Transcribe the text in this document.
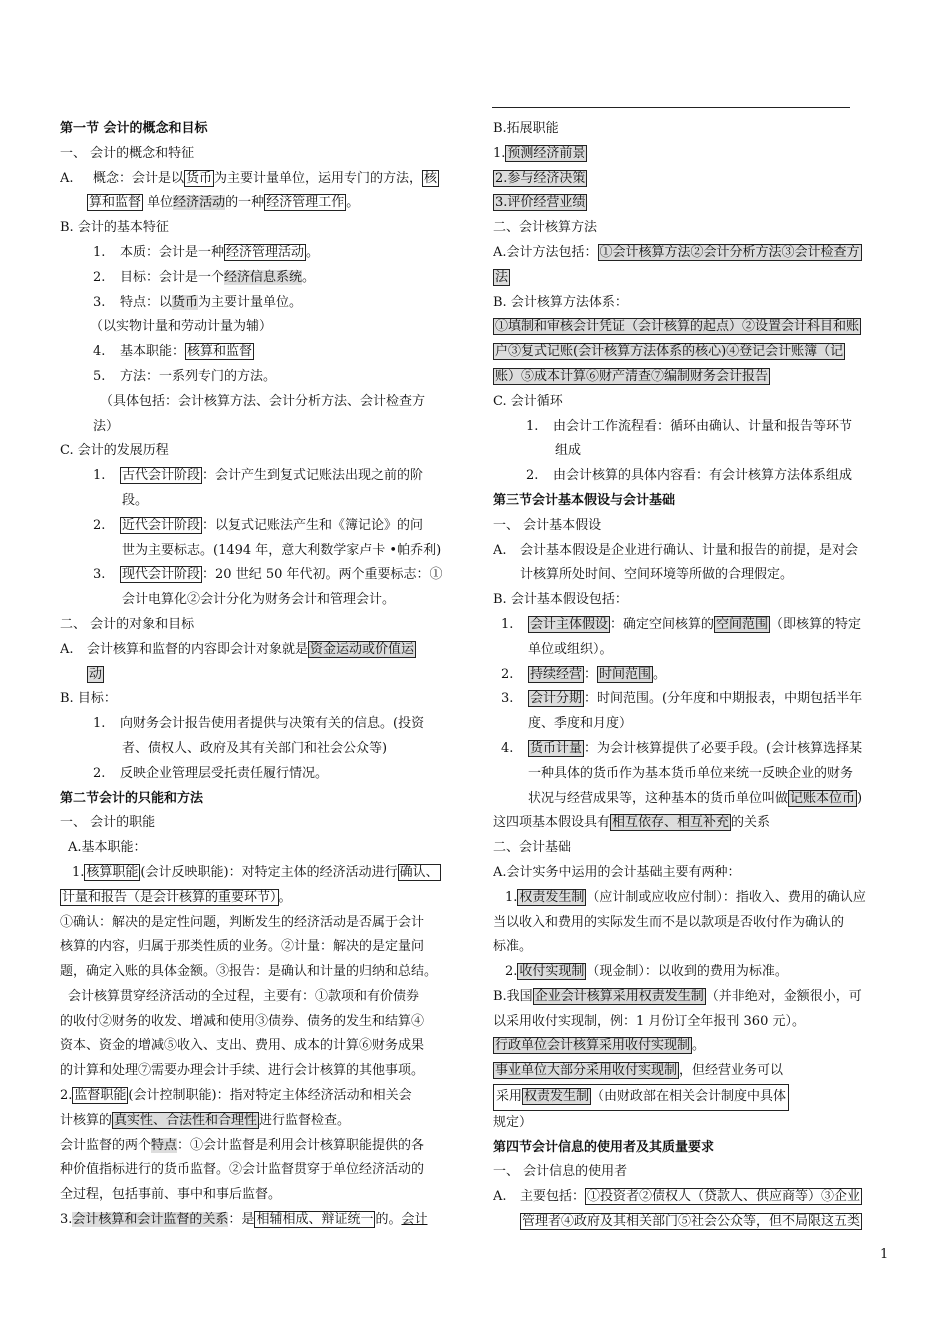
第一节 会计的概念和目标
一、 会计的概念和特征
A. 概念：会计是以 货币 为主要计量单位，运用专门的方法， 核
算和监督 单位经济活动的一种 经济管理工作 。
B. 会计的基本特征
1. 本质：会计是一种 经济管理活动 。
2. 目标：会计是一个经济信息系统。
3. 特点：以货币为主要计量单位。
（以实物计量和劳动计量为辅）
4. 基本职能： 核算和监督
5. 方法：一系列专门的方法。
（具体包括：会计核算方法、会计分析方法、会计检查方
法）
C. 会计的发展历程
1. 古代会计阶段 ：会计产生到复式记账法出现之前的阶
段。
2. 近代会计阶段 ：以复式记账法产生和《簿记论》的问
世为主要标志。(1494 年，意大利数学家卢卡 •帕乔利)
3. 现代会计阶段 ：20 世纪 50 年代初。两个重要标志：①
会计电算化②会计分化为财务会计和管理会计。
二、 会计的对象和目标
A. 会计核算和监督的内容即会计对象就是 资金运动或价值运
动
B. 目标：
1. 向财务会计报告使用者提供与决策有关的信息。(投资
者、债权人、政府及其有关部门和社会公众等)
2. 反映企业管理层受托责任履行情况。
第二节会计的只能和方法
一、 会计的职能
A.基本职能：
1. 核算职能 (会计反映职能)：对特定主体的经济活动进行 确认、
计量和报告（是会计核算的重要环节） 。
①确认：解决的是定性问题，判断发生的经济活动是否属于会计
核算的内容，归属于那类性质的业务。②计量：解决的是定量问
题，确定入账的具体金额。③报告：是确认和计量的归纳和总结。
会计核算贯穿经济活动的全过程，主要有：①款项和有价债券
的收付②财务的收发、增减和使用③债券、债务的发生和结算④
资本、资金的增减⑤收入、支出、费用、成本的计算⑥财务成果
的计算和处理⑦需要办理会计手续、进行会计核算的其他事项。
2. 监督职能 (会计控制职能)：指对特定主体经济活动和相关会
计核算的 真实性、合法性和合理性 进行监督检查。
会计监督的两个特点：①会计监督是利用会计核算职能提供的各
种价值指标进行的货币监督。②会计监督贯穿于单位经济活动的
全过程，包括事前、事中和事后监督。
3.会计核算和会计监督的关系：是 相辅相成、辩证统一 的。会计
B.拓展职能
1. 预测经济前景
2.参与经济决策
3.评价经营业绩
二、会计核算方法
A.会计方法包括： ①会计核算方法②会计分析方法③会计检查方
法
B. 会计核算方法体系：
①填制和审核会计凭证（会计核算的起点）②设置会计科目和账
户③复式记账(会计核算方法体系的核心)④登记会计账簿（记
账）⑤成本计算⑥财产清查⑦编制财务会计报告
C. 会计循环
1. 由会计工作流程看：循环由确认、计量和报告等环节
组成
2. 由会计核算的具体内容看：有会计核算方法体系组成
第三节会计基本假设与会计基础
一、 会计基本假设
A. 会计基本假设是企业进行确认、计量和报告的前提，是对会
计核算所处时间、空间环境等所做的合理假定。
B. 会计基本假设包括：
1. 会计主体假设 ：确定空间核算的 空间范围 （即核算的特定
单位或组织）。
2. 持续经营 ： 时间范围 。
3. 会计分期 ：时间范围。(分年度和中期报表，中期包括半年
度、季度和月度）
4. 货币计量 ：为会计核算提供了必要手段。(会计核算选择某
一种具体的货币作为基本货币单位来统一反映企业的财务
状况与经营成果等，这种基本的货币单位叫做 记账本位币 )
这四项基本假设具有 相互依存、相互补充 的关系
二、会计基础
A.会计实务中运用的会计基础主要有两种：
1. 权责发生制 （应计制或应收应付制）：指收入、费用的确认应
当以收入和费用的实际发生而不是以款项是否收付作为确认的
标准。
2. 收付实现制 （现金制）：以收到的费用为标准。
B.我国 企业会计核算采用权责发生制 （并非绝对，金额很小，可
以采用收付实现制，例：1 月份订全年报刊 360 元）。
行政单位会计核算采用收付实现制 。
事业单位大部分采用收付实现制 ，但经营业务可以
采用 权责发生制 （由财政部在相关会计制度中具体
规定）
第四节会计信息的使用者及其质量要求
一、 会计信息的使用者
A. 主要包括： ①投资者②债权人（贷款人、供应商等）③企业
管理者④政府及其相关部门⑤社会公众等，但不局限这五类
1
